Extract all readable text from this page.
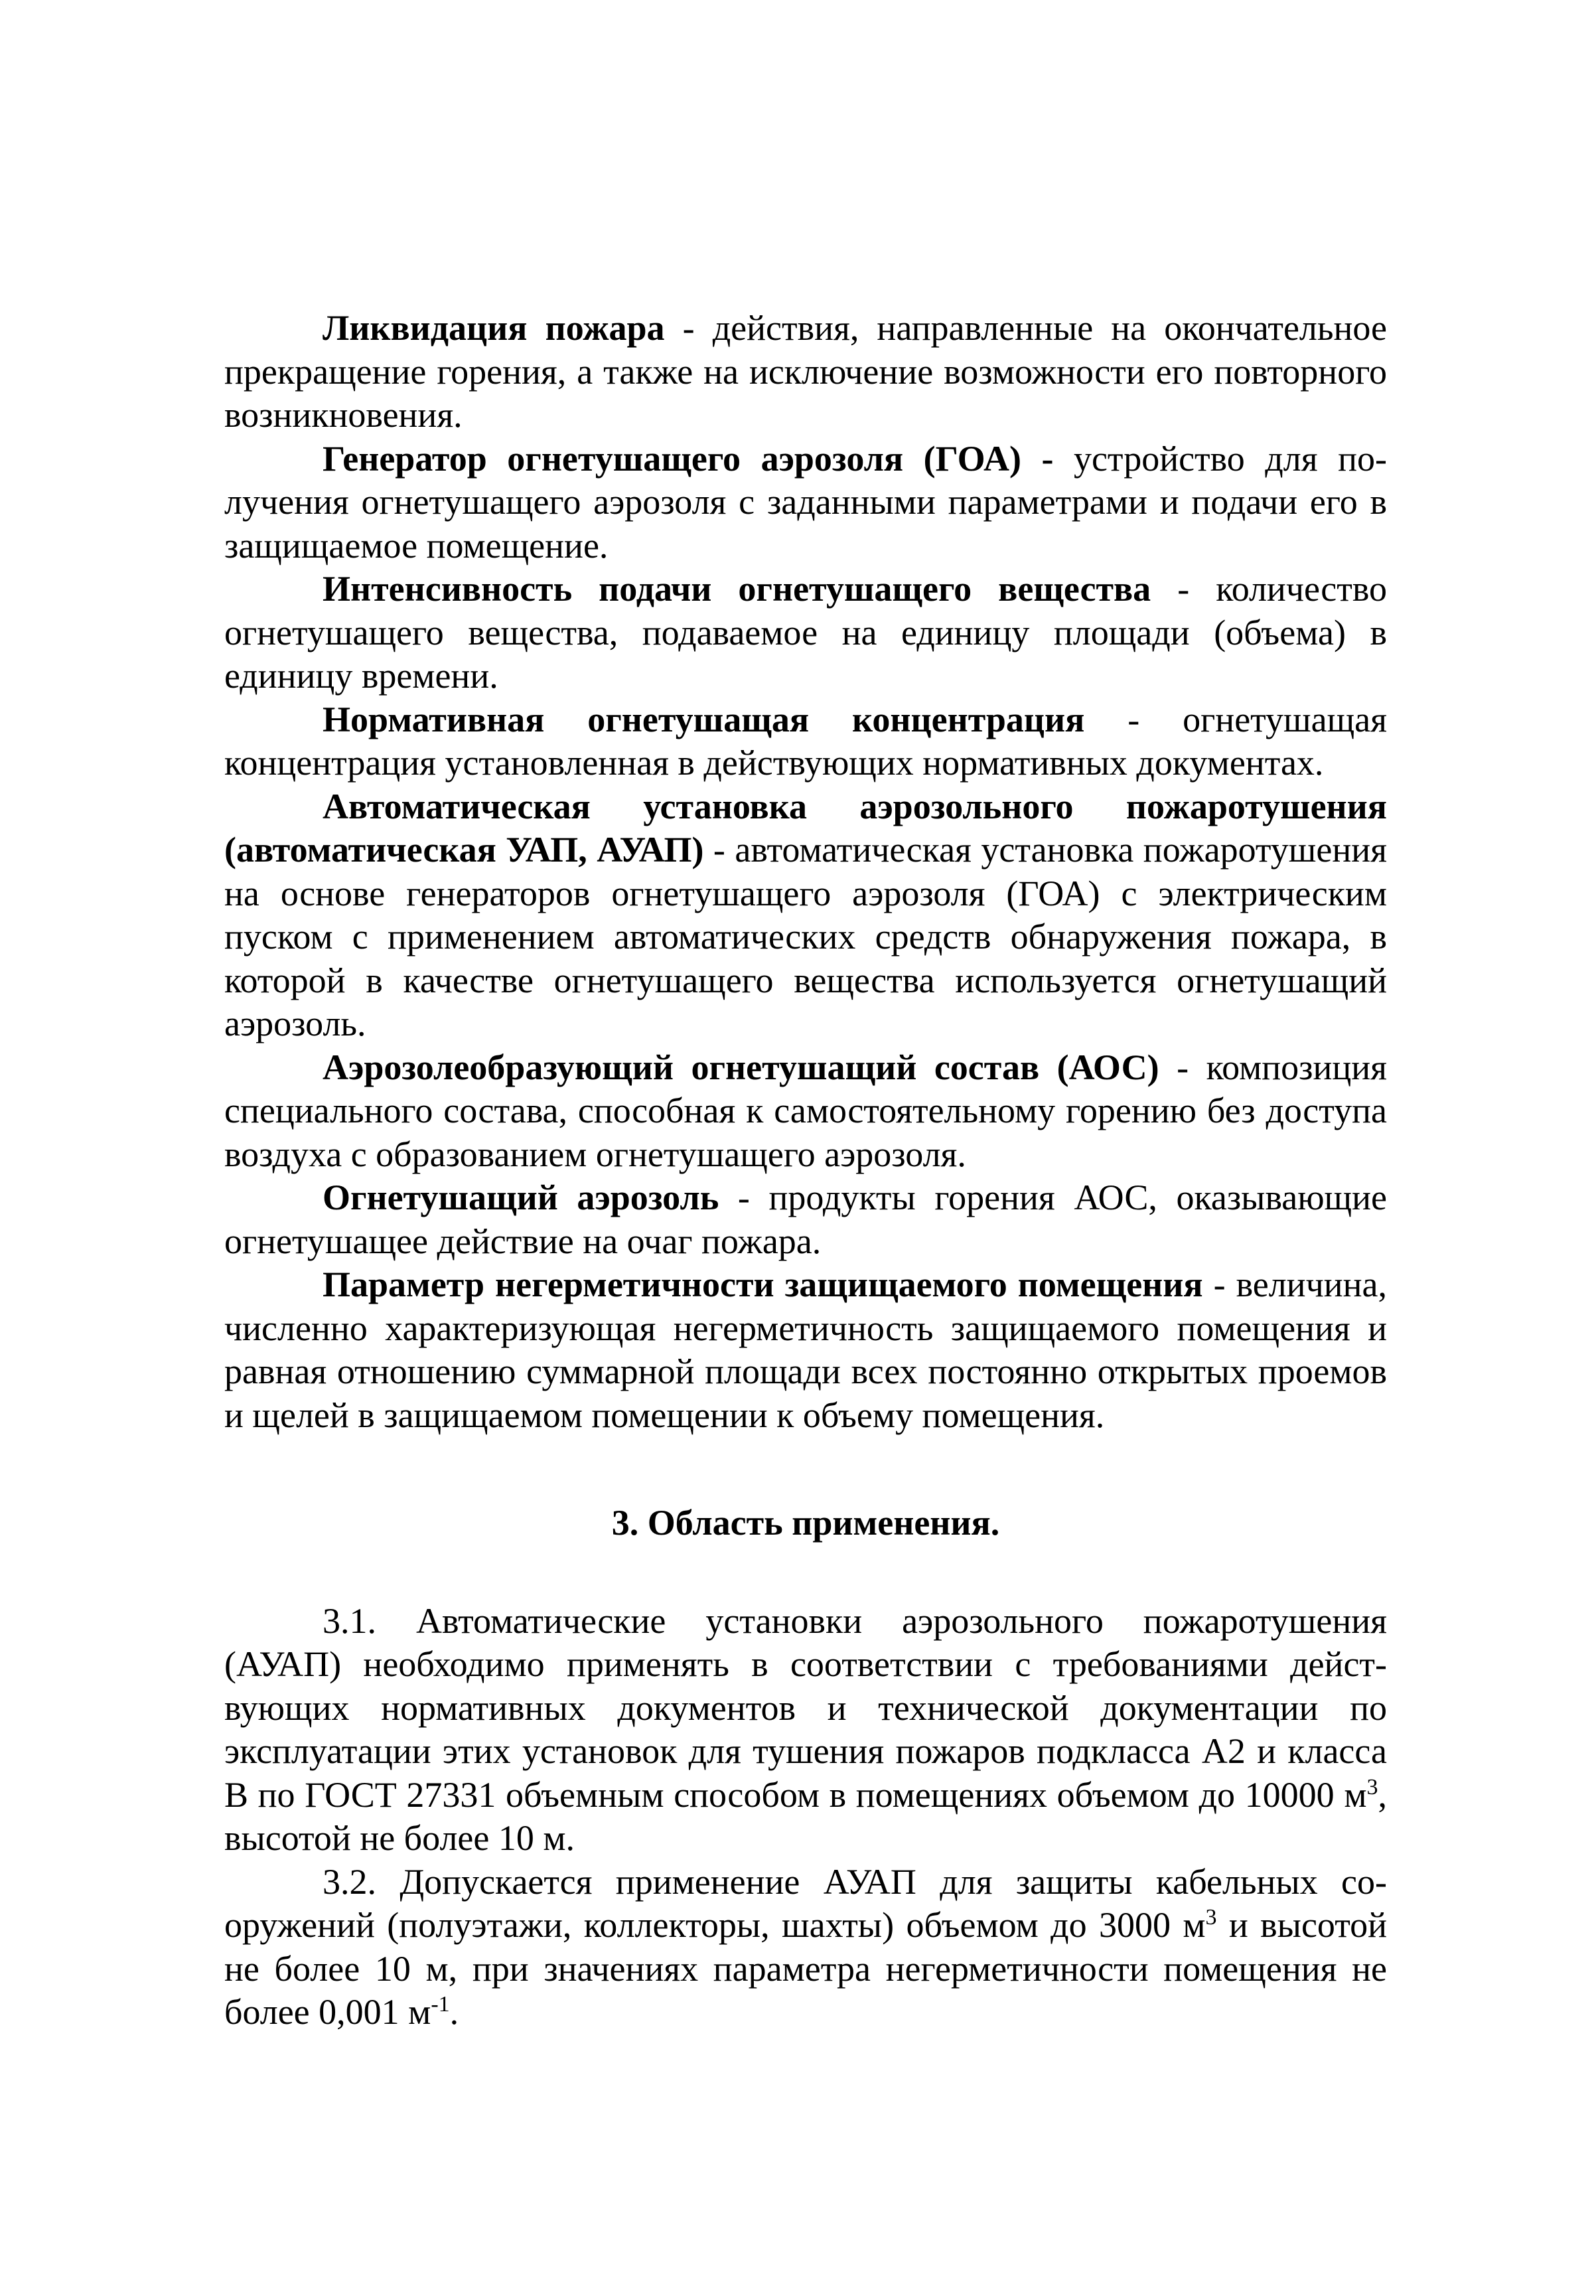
Ликвидация пожара - действия, направленные на окончательное прекращение горения, а также на исключение возможности его повторного возникновения.

Генератор огнетушащего аэрозоля (ГОА) - устройство для получения огнетушащего аэрозоля с заданными параметрами и подачи его в защищаемое помещение.

Интенсивность подачи огнетушащего вещества - количество огнетушащего вещества, подаваемое на единицу площади (объема) в единицу времени.

Нормативная огнетушащая концентрация - огнетушащая концентрация установленная в действующих нормативных документах.

Автоматическая установка аэрозольного пожаротушения (автоматическая УАП, АУАП) - автоматическая установка пожаротушения на основе генераторов огнетушащего аэрозоля (ГОА) с электрическим пуском с применением автоматических средств обнаружения пожара, в которой в качестве огнетушащего вещества используется огнетушащий аэрозоль.

Аэрозолеобразующий огнетушащий состав (АОС) - композиция специального состава, способная к самостоятельному горению без доступа воздуха с образованием огнетушащего аэрозоля.

Огнетушащий аэрозоль - продукты горения АОС, оказывающие огнетушащее действие на очаг пожара.

Параметр негерметичности защищаемого помещения - величина, численно характеризующая негерметичность защищаемого помещения и равная отношению суммарной площади всех постоянно открытых проемов и щелей в защищаемом помещении к объему помещения.

3. Область применения.

3.1. Автоматические установки аэрозольного пожаротушения (АУАП) необходимо применять в соответствии с требованиями действующих нормативных документов и технической документации по эксплуатации этих установок для тушения пожаров подкласса А2 и класса В по ГОСТ 27331 объемным способом в помещениях объемом до 10000 $м^3$, высотой не более 10 м.

3.2. Допускается применение АУАП для защиты кабельных сооружений (полуэтажи, коллекторы, шахты) объемом до 3000 $м^3$ и высотой не более 10 м, при значениях параметра негерметичности помещения не более 0,001 $м^{-1}$.
